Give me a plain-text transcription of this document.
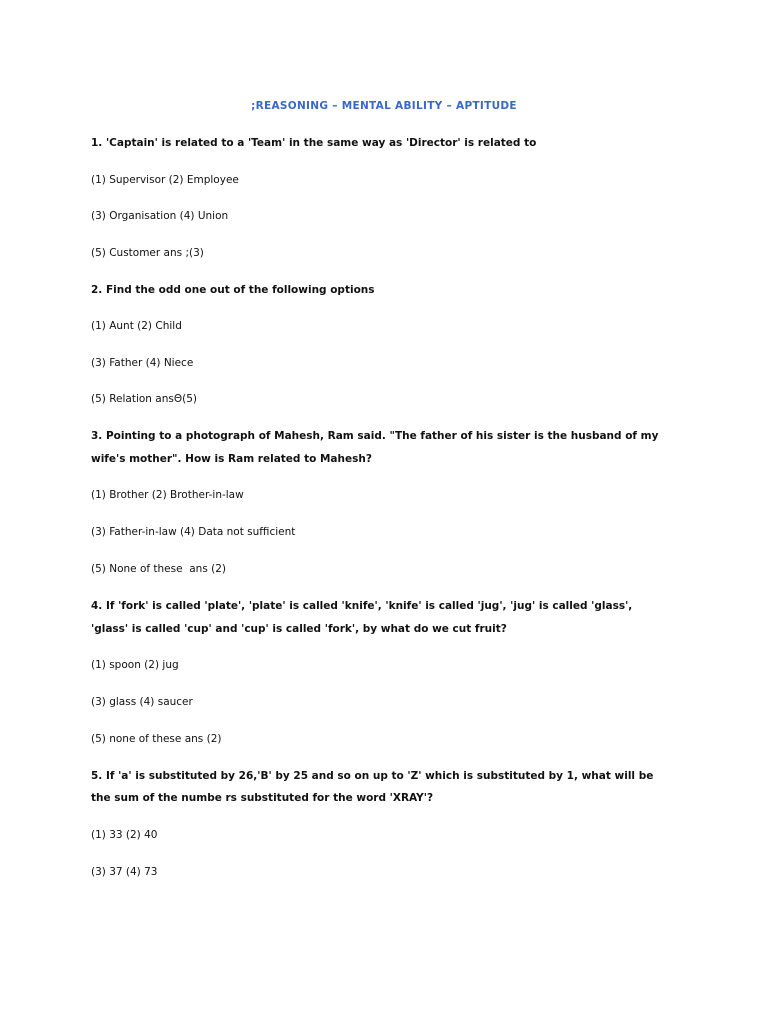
;REASONING – MENTAL ABILITY – APTITUDE
1. 'Captain' is related to a 'Team' in the same way as 'Director' is related to
(1) Supervisor (2) Employee
(3) Organisation (4) Union
(5) Customer ans ;(3)
2. Find the odd one out of the following options
(1) Aunt (2) Child
(3) Father (4) Niece
(5) Relation ansΘ(5)
3. Pointing to a photograph of Mahesh, Ram said. "The father of his sister is the husband of my
wife's mother". How is Ram related to Mahesh?
(1) Brother (2) Brother-in-law
(3) Father-in-law (4) Data not sufficient
(5) None of these  ans (2)
4. If 'fork' is called 'plate', 'plate' is called 'knife', 'knife' is called 'jug', 'jug' is called 'glass',
'glass' is called 'cup' and 'cup' is called 'fork', by what do we cut fruit?
(1) spoon (2) jug
(3) glass (4) saucer
(5) none of these ans (2)
5. If 'a' is substituted by 26,'B' by 25 and so on up to 'Z' which is substituted by 1, what will be
the sum of the numbe rs substituted for the word 'XRAY'?
(1) 33 (2) 40
(3) 37 (4) 73
